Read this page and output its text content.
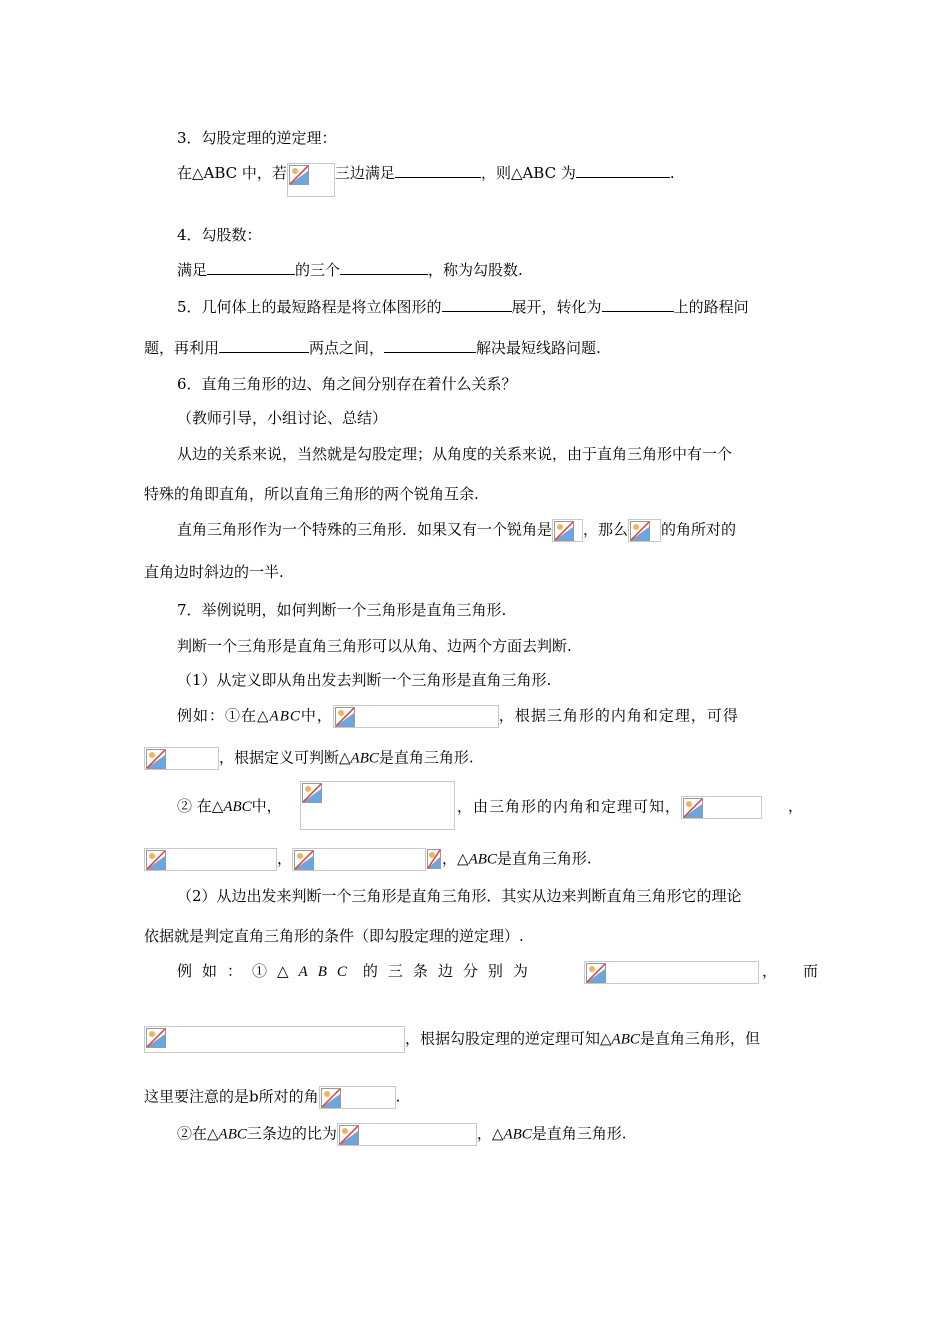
3．勾股定理的逆定理：
在△ABC 中，若	三边满足	，则△ABC 为	.
4．勾股数：
满足	的三个	，称为勾股数.
5．几何体上的最短路程是将立体图形的	展开，转化为	上的路程问
题，再利用	两点之间，	解决最短线路问题.
6．直角三角形的边、角之间分别存在着什么关系？
（教师引导，小组讨论、总结）
从边的关系来说，当然就是勾股定理；从角度的关系来说，由于直角三角形中有一个
特殊的角即直角，所以直角三角形的两个锐角互余.
直角三角形作为一个特殊的三角形．如果又有一个锐角是 ，那么 的角所对的
直角边时斜边的一半.
7．举例说明，如何判断一个三角形是直角三角形.
判断一个三角形是直角三角形可以从角、边两个方面去判断.
（1）从定义即从角出发去判断一个三角形是直角三角形.
例如：①在△ABC中，	，根据三角形的内角和定理，可得
，根据定义可判断△ABC是直角三角形.
② 在△ABC中，	，由三角形的内角和定理可知，	，
，	，△ABC是直角三角形.
（2）从边出发来判断一个三角形是直角三角形．其实从边来判断直角三角形它的理论
依据就是判定直角三角形的条件（即勾股定理的逆定理）.
例如：①△ABC 的三条边分别为	，而
，根据勾股定理的逆定理可知△ABC是直角三角形，但
这里要注意的是b所对的角	.
②在△ABC三条边的比为	，△ABC是直角三角形.
